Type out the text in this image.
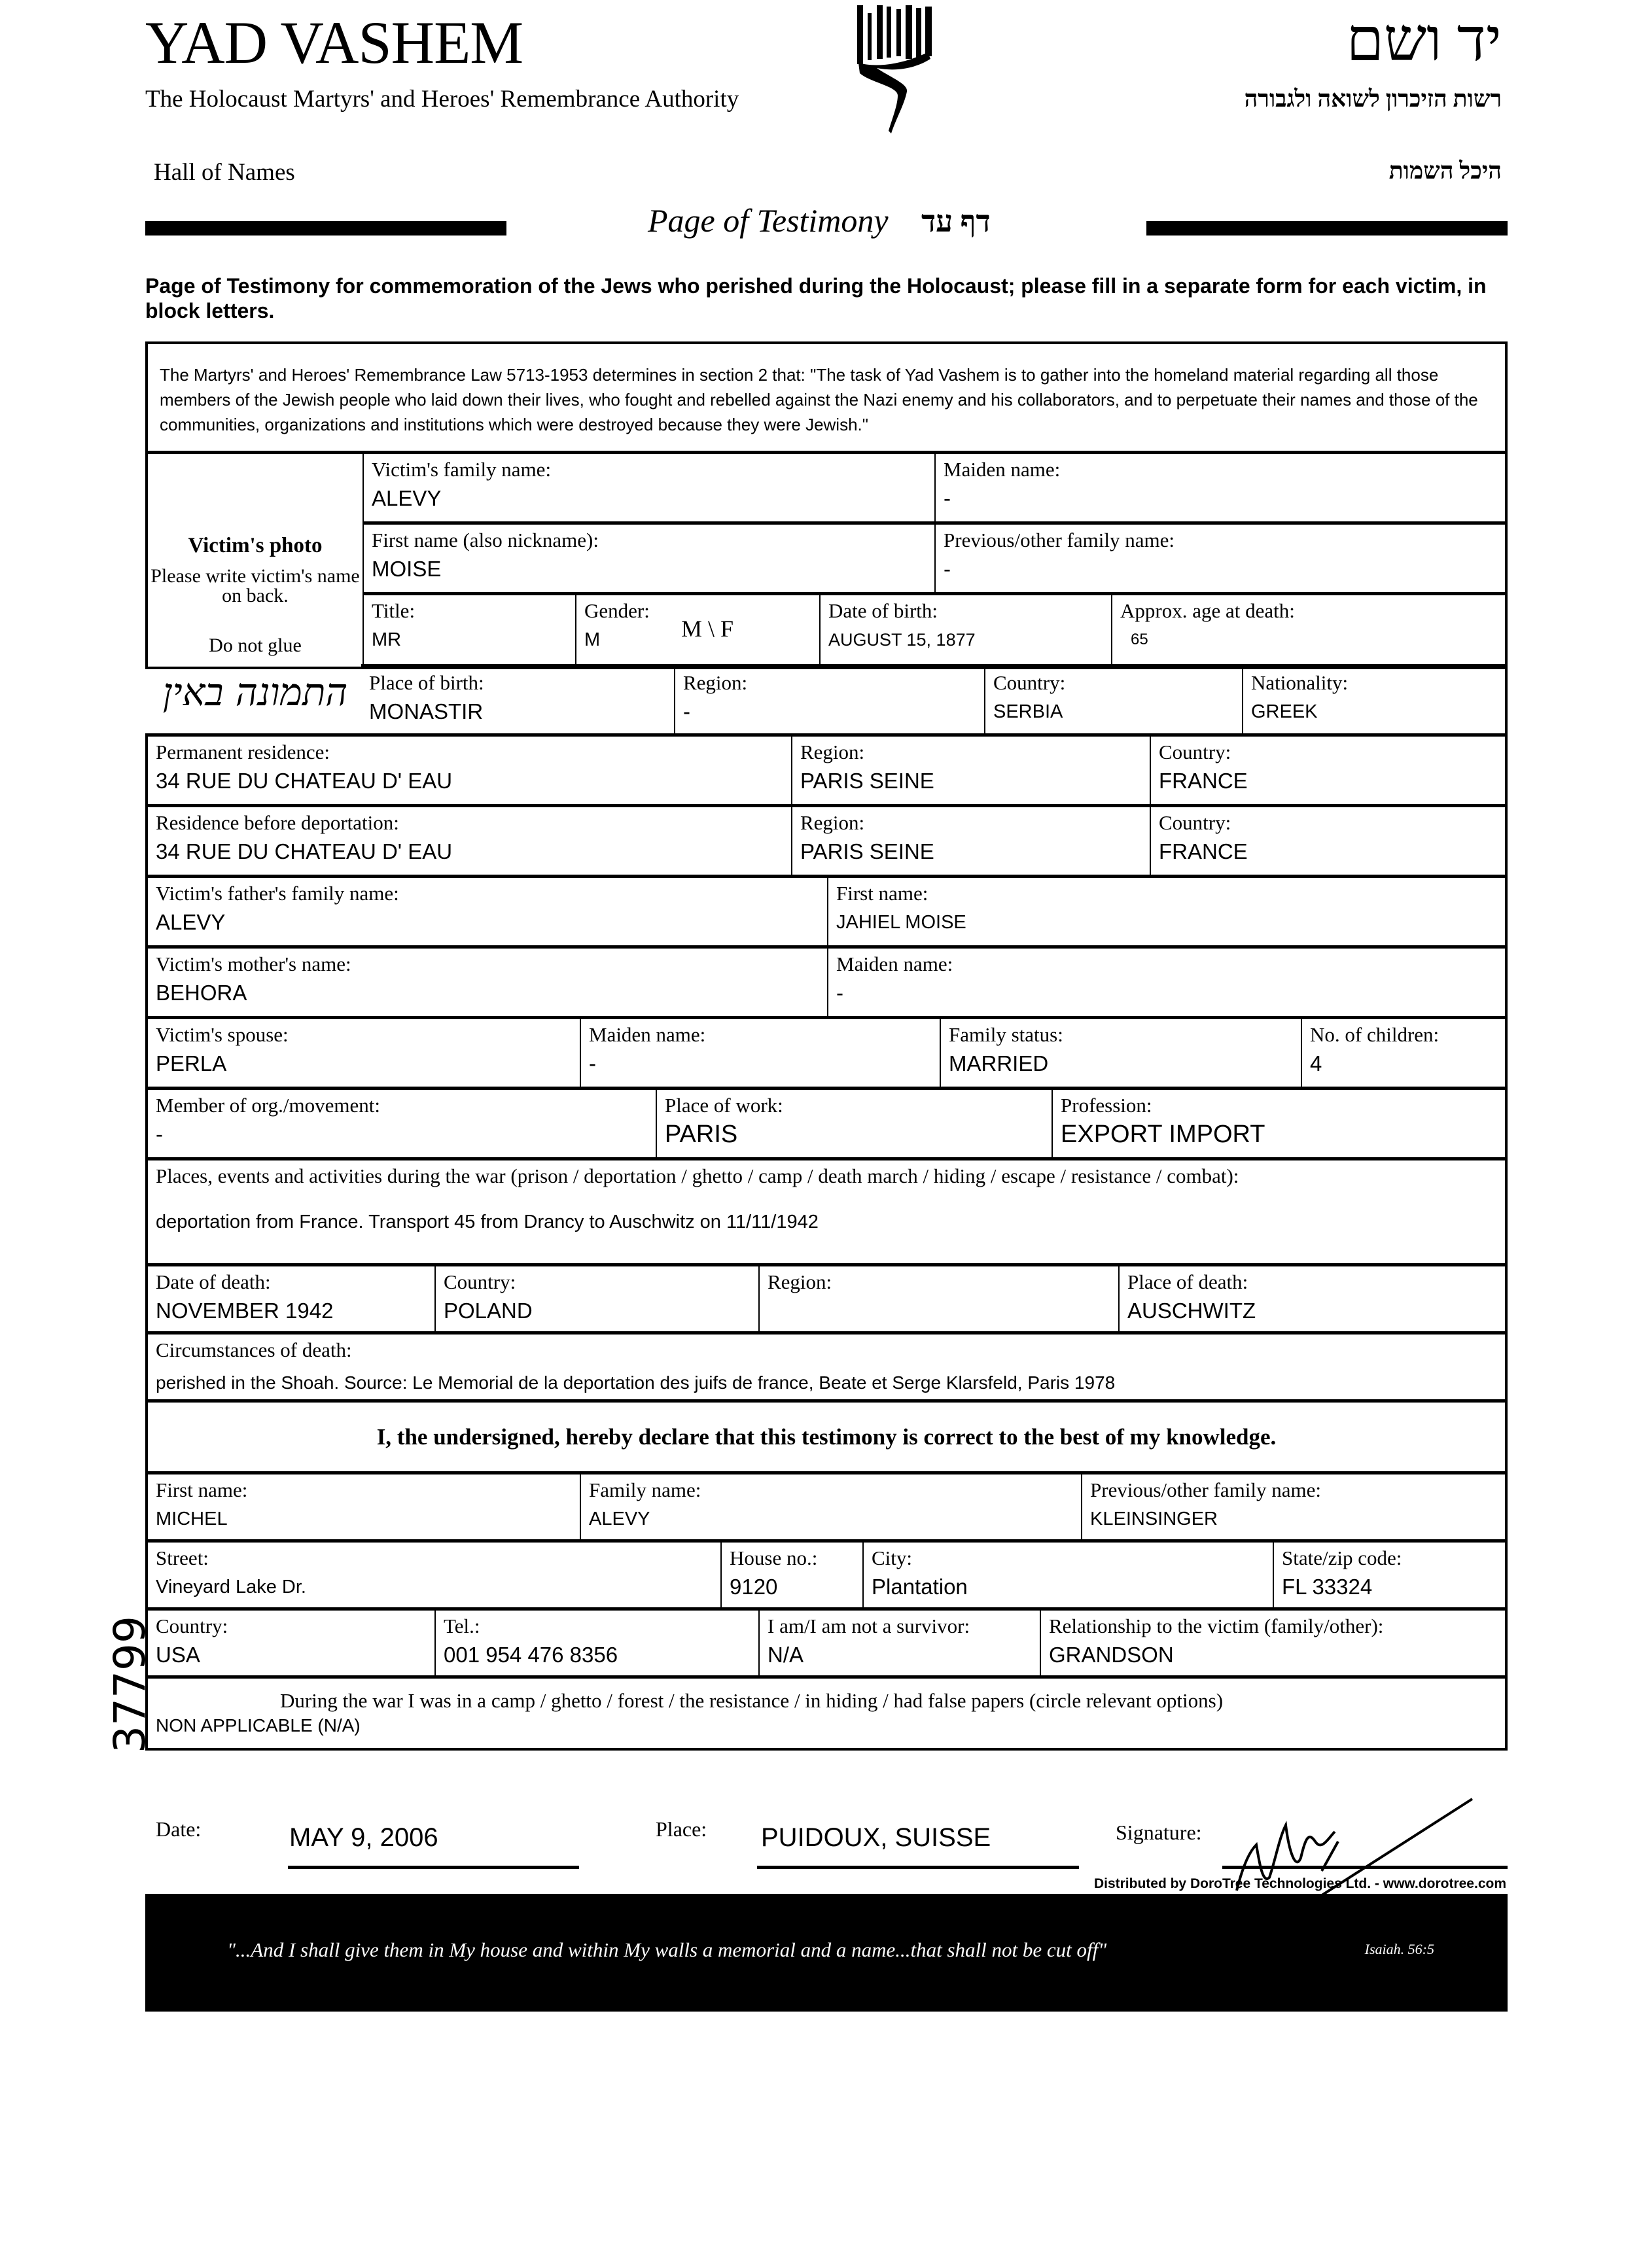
YAD VASHEM
The Holocaust Martyrs' and Heroes' Remembrance Authority
Hall of Names
יד ושם
רשות הזיכרון לשואה ולגבורה
היכל השמות
Page of Testimony דף עד
Page of Testimony for commemoration of the Jews who perished during the Holocaust; please fill in a separate form for each victim, in block letters.
The Martyrs' and Heroes' Remembrance Law 5713-1953 determines in section 2 that: "The task of Yad Vashem is to gather into the homeland material regarding all those members of the Jewish people who laid down their lives, who fought and rebelled against the Nazi enemy and his collaborators, and to perpetuate their names and those of the communities, organizations and institutions which were destroyed because they were Jewish."
Victim's photo
Please write victim's name on back.
Do not glue
התמונה באין
Victim's family name:
ALEVY
Maiden name:
-
First name (also nickname):
MOISE
Previous/other family name:
-
Title:
MR
Gender:
M	M \ F
Date of birth:
AUGUST 15, 1877
Approx. age at death:
65
Place of birth:
MONASTIR
Region:
-
Country:
SERBIA
Nationality:
GREEK
Permanent residence:
34 RUE DU CHATEAU D' EAU
Region:
PARIS SEINE
Country:
FRANCE
Residence before deportation:
34 RUE DU CHATEAU D' EAU
Region:
PARIS SEINE
Country:
FRANCE
Victim's father's family name:
ALEVY
First name:
JAHIEL MOISE
Victim's mother's name:
BEHORA
Maiden name:
-
Victim's spouse:
PERLA
Maiden name:
-
Family status:
MARRIED
No. of children:
4
Member of org./movement:
-
Place of work:
PARIS
Profession:
EXPORT IMPORT
Places, events and activities during the war (prison / deportation / ghetto / camp / death march / hiding / escape / resistance / combat):
deportation from France. Transport 45 from Drancy to Auschwitz on 11/11/1942
Date of death:
NOVEMBER 1942
Country:
POLAND
Region:	Place of death:
AUSCHWITZ
Circumstances of death:
perished in the Shoah. Source: Le Memorial de la deportation des juifs de france, Beate et Serge Klarsfeld, Paris 1978
I, the undersigned, hereby declare that this testimony is correct to the best of my knowledge.
First name:
MICHEL
Family name:
ALEVY
Previous/other family name:
KLEINSINGER
Street:
Vineyard Lake Dr.
House no.:
9120
City:
Plantation
State/zip code:
FL 33324
Country:
USA
Tel.:
001 954 476 8356
I am/I am not a survivor:
N/A
Relationship to the victim (family/other):
GRANDSON
During the war I was in a camp / ghetto / forest / the resistance / in hiding / had false papers (circle relevant options)
NON APPLICABLE (N/A)
37799
Date:	MAY 9, 2006	Place: PUIDOUX, SUISSE	Signature:
Distributed by DoroTree Technologies Ltd. - www.dorotree.com
"...And I shall give them in My house and within My walls a memorial and a name...that shall not be cut off"	Isaiah. 56:5
